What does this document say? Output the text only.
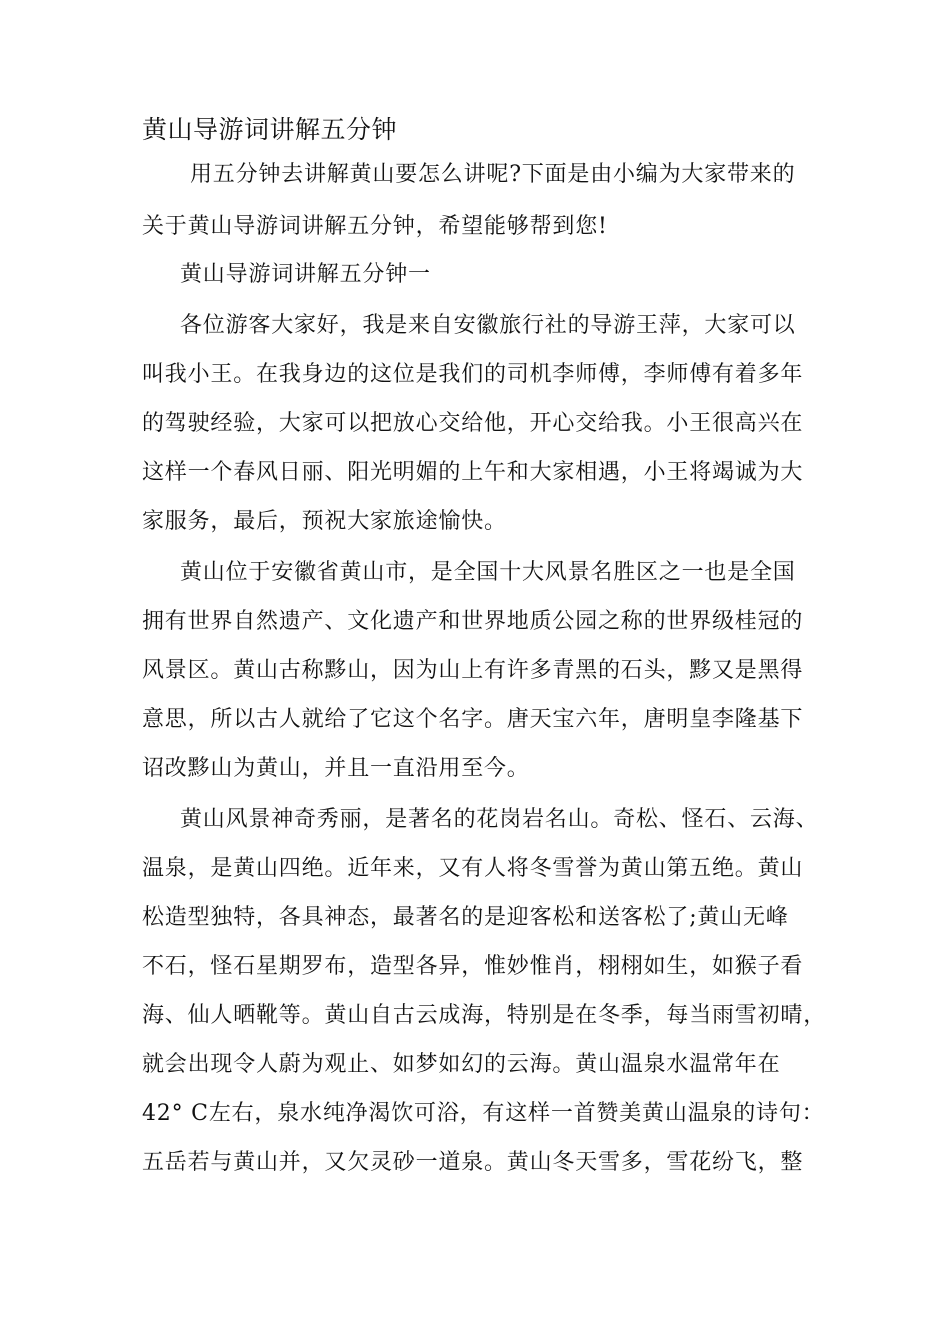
黄山导游词讲解五分钟
用五分钟去讲解黄山要怎么讲呢?下面是由小编为大家带来的
关于黄山导游词讲解五分钟，希望能够帮到您!
黄山导游词讲解五分钟一
各位游客大家好，我是来自安徽旅行社的导游王萍，大家可以
叫我小王。在我身边的这位是我们的司机李师傅，李师傅有着多年
的驾驶经验，大家可以把放心交给他，开心交给我。小王很高兴在
这样一个春风日丽、阳光明媚的上午和大家相遇，小王将竭诚为大
家服务，最后，预祝大家旅途愉快。
黄山位于安徽省黄山市，是全国十大风景名胜区之一也是全国
拥有世界自然遗产、文化遗产和世界地质公园之称的世界级桂冠的
风景区。黄山古称黟山，因为山上有许多青黑的石头，黟又是黑得
意思，所以古人就给了它这个名字。唐天宝六年，唐明皇李隆基下
诏改黟山为黄山，并且一直沿用至今。
黄山风景神奇秀丽，是著名的花岗岩名山。奇松、怪石、云海、
温泉，是黄山四绝。近年来，又有人将冬雪誉为黄山第五绝。黄山
松造型独特，各具神态，最著名的是迎客松和送客松了;黄山无峰
不石，怪石星期罗布，造型各异，惟妙惟肖，栩栩如生，如猴子看
海、仙人晒靴等。黄山自古云成海，特别是在冬季，每当雨雪初晴，
就会出现令人蔚为观止、如梦如幻的云海。黄山温泉水温常年在
42° C左右，泉水纯净渴饮可浴，有这样一首赞美黄山温泉的诗句：
五岳若与黄山并，又欠灵砂一道泉。黄山冬天雪多，雪花纷飞，整
